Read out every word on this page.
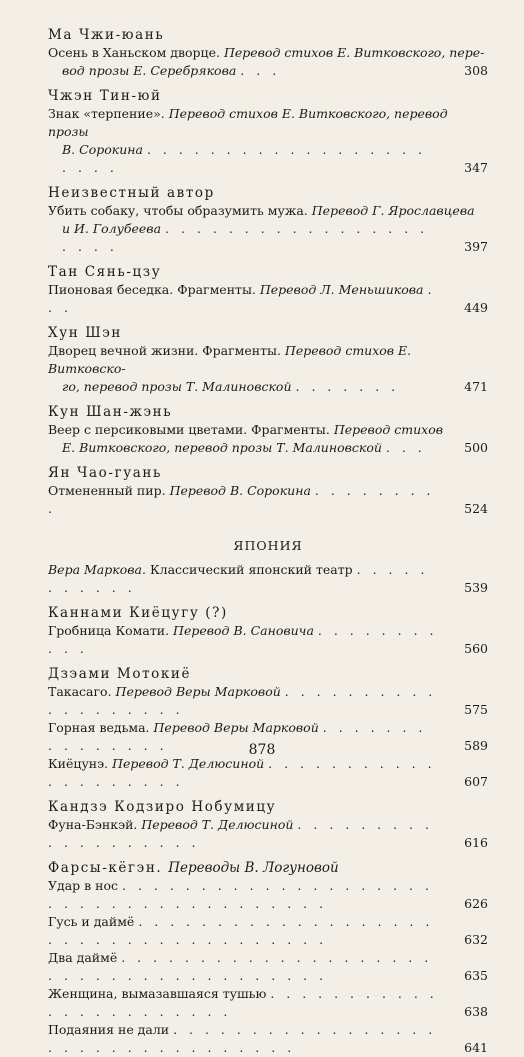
Ма Чжи-юань
Осень в Ханьском дворце. Перевод стихов Е. Витковского, пере-
вод прозы Е. Серебрякова . . .	308
Чжэн Тин-юй
Знак «терпение». Перевод стихов Е. Витковского, перевод прозы
В. Сорокина . . . . . . . . . . . . . . . . . . . . . .	347
Неизвестный автор
Убить собаку, чтобы образумить мужа. Перевод Г. Ярославцева
и И. Голубеева . . . . . . . . . . . . . . . . . . . . .	397
Тан Сянь-цзу
Пионовая беседка. Фрагменты. Перевод Л. Меньшикова . . .	449
Хун Шэн
Дворец вечной жизни. Фрагменты. Перевод стихов Е. Витковско-
го, перевод прозы Т. Малиновской . . . . . . .	471
Кун Шан-жэнь
Веер с персиковыми цветами. Фрагменты. Перевод стихов
Е. Витковского, перевод прозы Т. Малиновской . . .	500
Ян Чао-гуань
Отмененный пир. Перевод В. Сорокина . . . . . . . . .	524
ЯПОНИЯ
Вера Маркова. Классический японский театр . . . . . . . . . . .	539
Каннами Киёцугу (?)
Гробница Комати. Перевод В. Сановича . . . . . . . . . . .	560
Дзэами Мотокиё
Такасаго. Перевод Веры Марковой . . . . . . . . . . . . . . . . . . .	575
Горная ведьма. Перевод Веры Марковой . . . . . . . . . . . . . . .	589
Киёцунэ. Перевод Т. Делюсиной . . . . . . . . . . . . . . . . . . . .	607
Кандзэ Кодзиро Нобумицу
Фуна-Бэнкэй. Перевод Т. Делюсиной . . . . . . . . . . . . . . . . . . .	616
Фарсы-кёгэн. Переводы В. Логуновой
Удар в нос . . . . . . . . . . . . . . . . . . . . . . . . . . . . . . . . . . . . . .	626
Гусь и даймё . . . . . . . . . . . . . . . . . . . . . . . . . . . . . . . . . . . . .	632
Два даймё . . . . . . . . . . . . . . . . . . . . . . . . . . . . . . . . . . . . . .	635
Женщина, вымазавшаяся тушью . . . . . . . . . . . . . . . . . . . . . . .	638
Подаяния не дали . . . . . . . . . . . . . . . . . . . . . . . . . . . . . . . . .	641
878
